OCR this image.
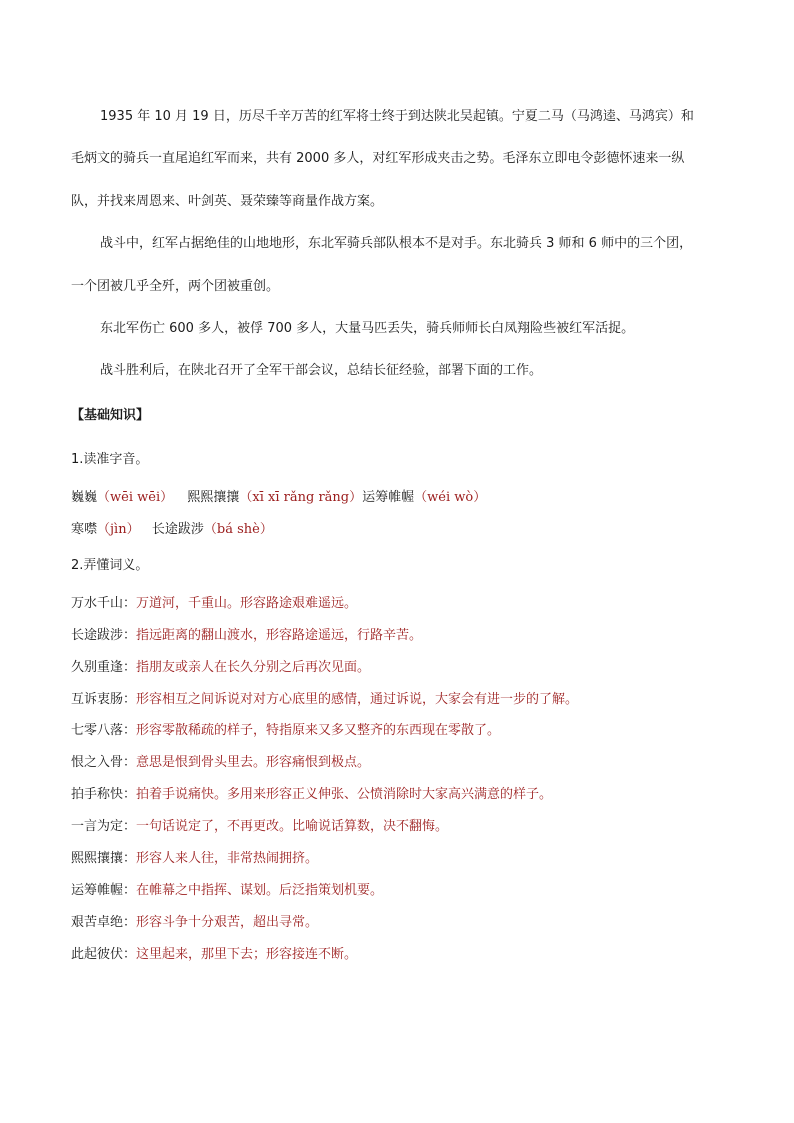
1935 年 10 月 19 日，历尽千辛万苦的红军将士终于到达陕北吴起镇。宁夏二马（马鸿逵、马鸿宾）和
毛炳文的骑兵一直尾追红军而来，共有 2000 多人，对红军形成夹击之势。毛泽东立即电令彭德怀速来一纵
队，并找来周恩来、叶剑英、聂荣臻等商量作战方案。
战斗中，红军占据绝佳的山地地形，东北军骑兵部队根本不是对手。东北骑兵 3 师和 6 师中的三个团，
一个团被几乎全歼，两个团被重创。
东北军伤亡 600 多人，被俘 700 多人，大量马匹丢失，骑兵师师长白凤翔险些被红军活捉。
战斗胜利后，在陕北召开了全军干部会议，总结长征经验，部署下面的工作。
【基础知识】
1.读准字音。
巍巍（wēi wēi） 熙熙攘攘（xī xī rǎng rǎng）运筹帷幄（wéi wò）
寒噤（jìn） 长途跋涉（bá shè）
2.弄懂词义。
万水千山：万道河，千重山。形容路途艰难遥远。
长途跋涉：指远距离的翻山渡水，形容路途遥远，行路辛苦。
久别重逢：指朋友或亲人在长久分别之后再次见面。
互诉衷肠：形容相互之间诉说对对方心底里的感情，通过诉说，大家会有进一步的了解。
七零八落：形容零散稀疏的样子，特指原来又多又整齐的东西现在零散了。
恨之入骨：意思是恨到骨头里去。形容痛恨到极点。
拍手称快：拍着手说痛快。多用来形容正义伸张、公愤消除时大家高兴满意的样子。
一言为定：一句话说定了，不再更改。比喻说话算数，决不翻悔。
熙熙攘攘：形容人来人往，非常热闹拥挤。
运筹帷幄：在帷幕之中指挥、谋划。后泛指策划机要。
艰苦卓绝：形容斗争十分艰苦，超出寻常。
此起彼伏：这里起来，那里下去；形容接连不断。
